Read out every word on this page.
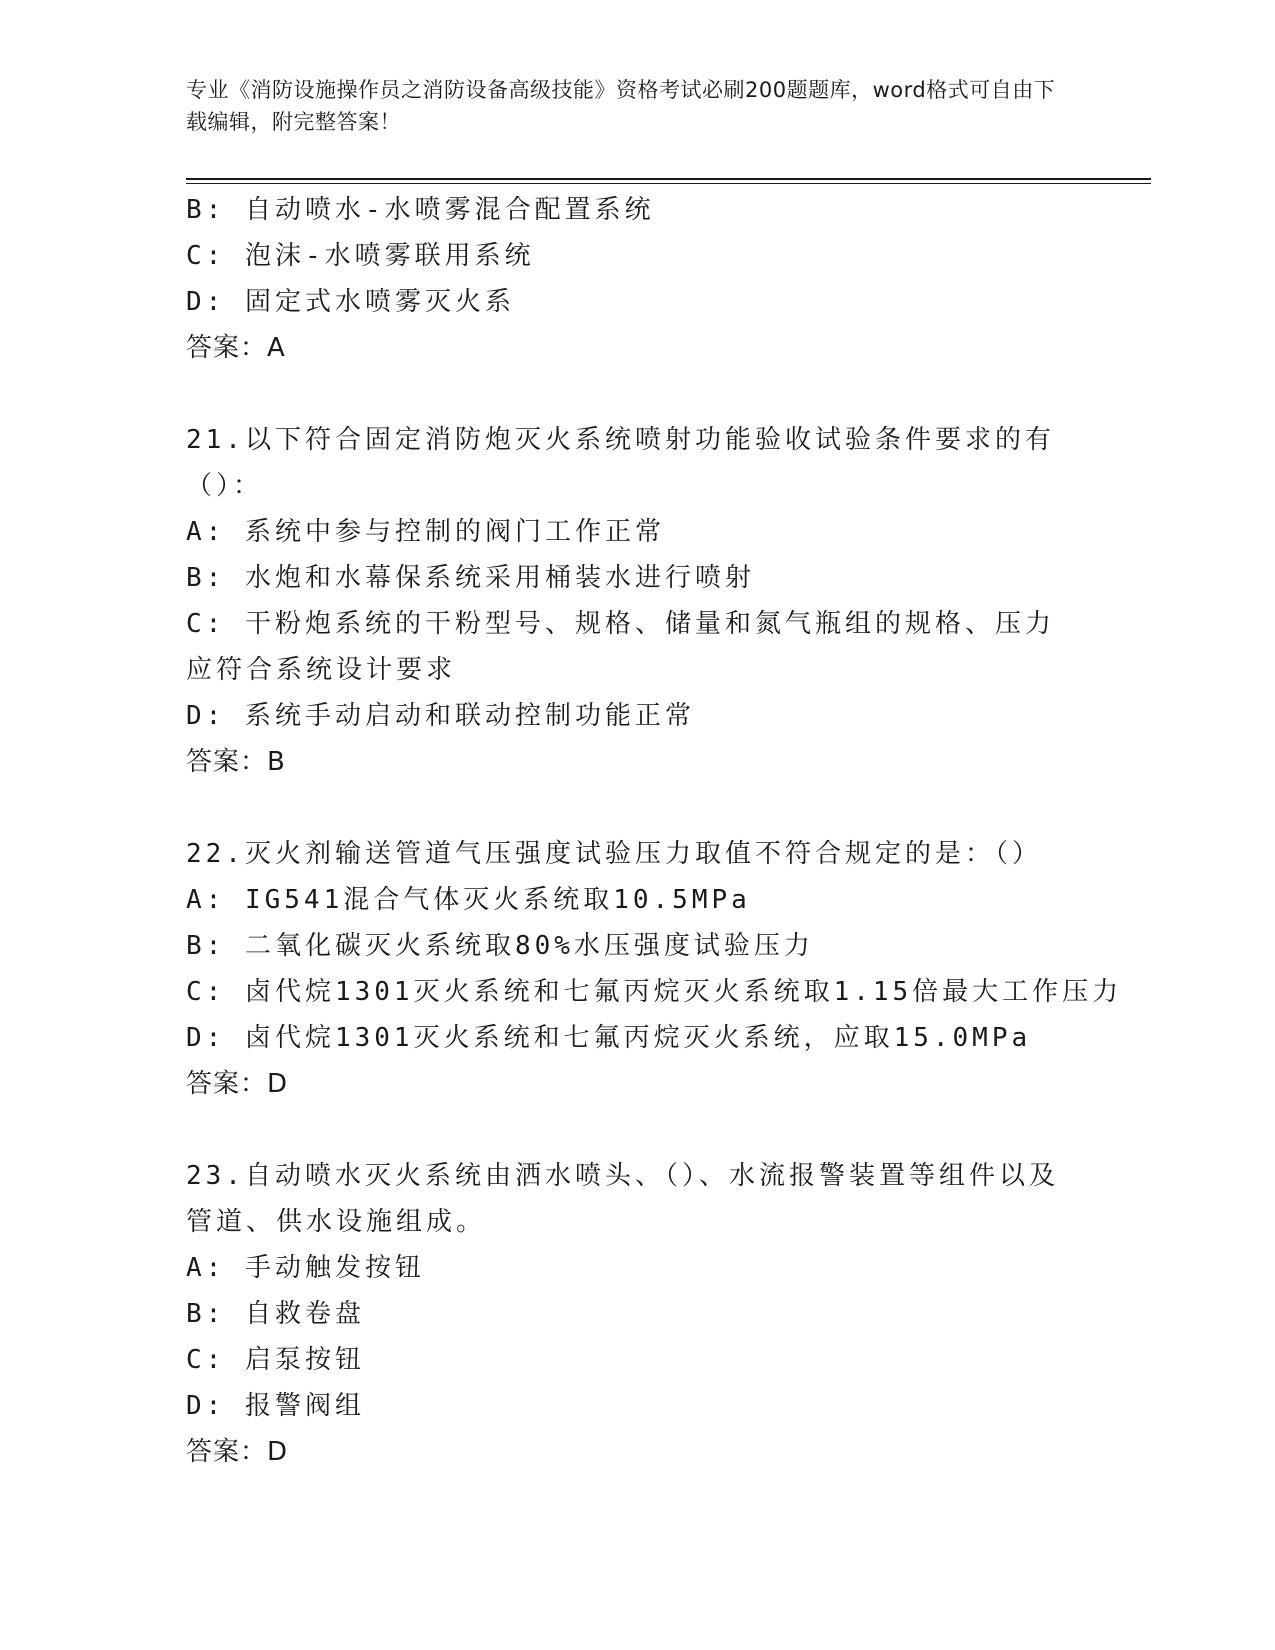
专业《消防设施操作员之消防设备高级技能》资格考试必刷200题题库，word格式可自由下载编辑，附完整答案！
B: 自动喷水-水喷雾混合配置系统
C: 泡沫-水喷雾联用系统
D: 固定式水喷雾灭火系
答案：A
21.以下符合固定消防炮灭火系统喷射功能验收试验条件要求的有（）：
A: 系统中参与控制的阀门工作正常
B: 水炮和水幕保系统采用桶装水进行喷射
C: 干粉炮系统的干粉型号、规格、储量和氮气瓶组的规格、压力应符合系统设计要求
D: 系统手动启动和联动控制功能正常
答案：B
22.灭火剂输送管道气压强度试验压力取值不符合规定的是：（）
A: IG541混合气体灭火系统取10.5MPa
B: 二氧化碳灭火系统取80%水压强度试验压力
C: 卤代烷1301灭火系统和七氟丙烷灭火系统取1.15倍最大工作压力
D: 卤代烷1301灭火系统和七氟丙烷灭火系统，应取15.0MPa
答案：D
23.自动喷水灭火系统由洒水喷头、（）、水流报警装置等组件以及管道、供水设施组成。
A: 手动触发按钮
B: 自救卷盘
C: 启泵按钮
D: 报警阀组
答案：D
